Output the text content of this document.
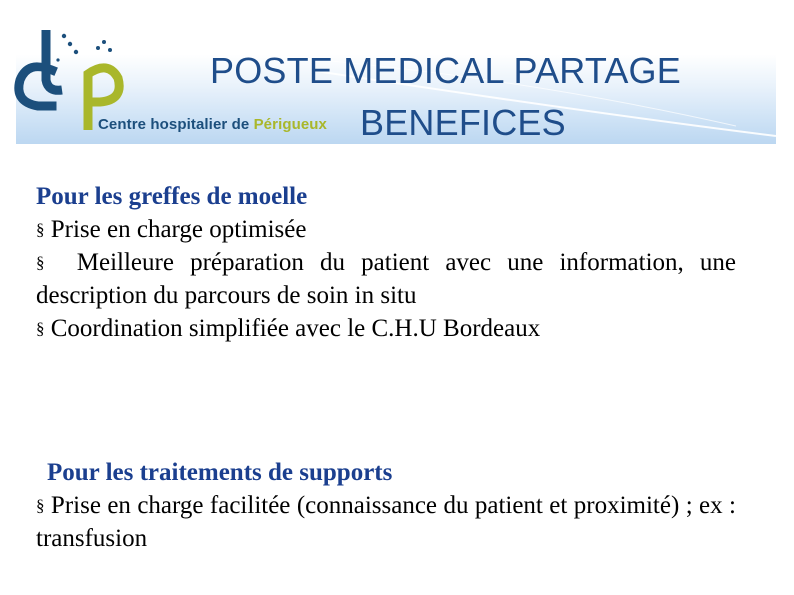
Centre hospitalier de Périgueux
POSTE MEDICAL PARTAGE
BENEFICES
Pour les greffes de moelle
§ Prise en charge optimisée
§ Meilleure préparation du patient avec une information, une description du parcours de soin in situ
§ Coordination simplifiée avec le C.H.U Bordeaux
Pour les traitements de supports
§ Prise en charge facilitée (connaissance du patient et proximité) ; ex : transfusion
